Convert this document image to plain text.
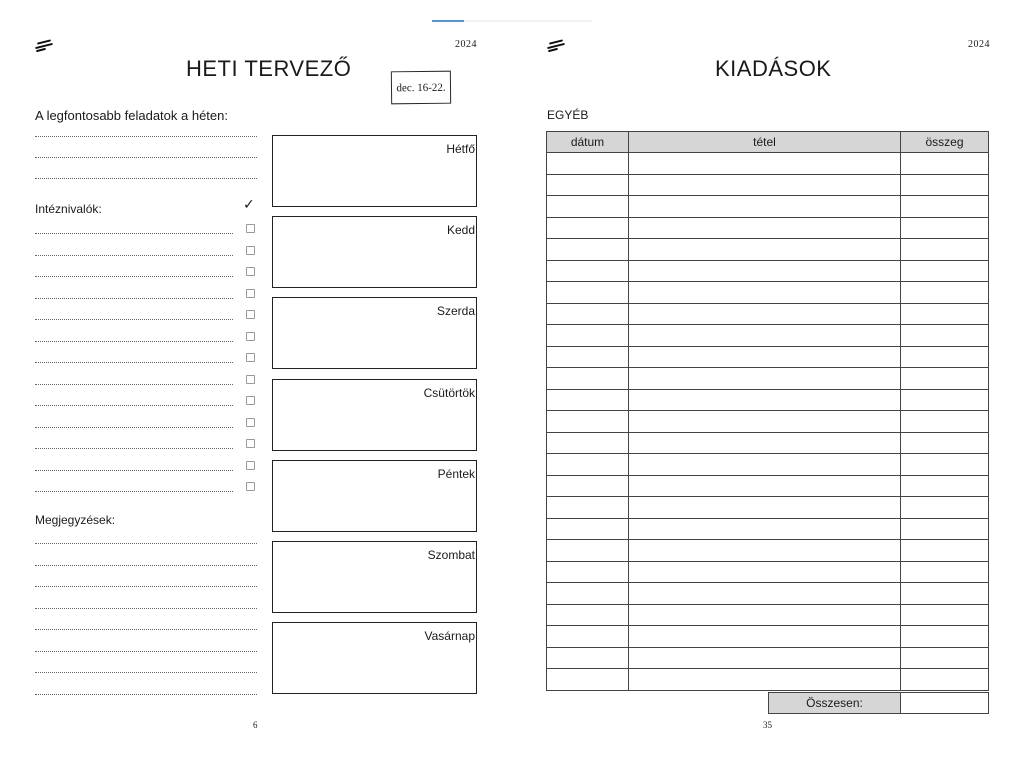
2024
HETI TERVEZŐ
dec. 16-22.
A legfontosabb feladatok a héten:
Intéznivalók:	✓
Megjegyzések:
Hétfő
Kedd
Szerda
Csütörtök
Péntek
Szombat
Vasárnap
6
2024
KIADÁSOK
EGYÉB
35
dátum	tétel	összeg

Összesen:
